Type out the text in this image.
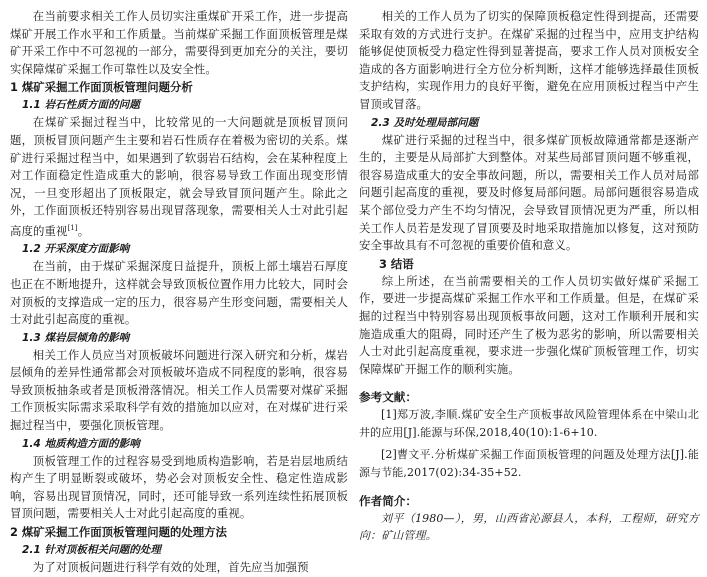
在当前要求相关工作人员切实注重煤矿开采工作，进一步提高煤矿开展工作水平和工作质量。当前煤矿采掘工作面顶板管理是煤矿开采工作中不可忽视的一部分，需要得到更加充分的关注，要切实保障煤矿采掘工作可靠性以及安全性。

1 煤矿采掘工作面顶板管理问题分析
1.1 岩石性质方面的问题

在煤矿采掘过程当中，比较常见的一大问题就是顶板冒顶问题，顶板冒顶问题产生主要和岩石性质存在着极为密切的关系。煤矿进行采掘过程当中，如果遇到了软弱岩石结构，会在某种程度上对工作面稳定性造成重大的影响，很容易导致工作面出现变形情况，一旦变形超出了顶板限定，就会导致冒顶问题产生。除此之外，工作面顶板还特别容易出现冒落现象，需要相关人士对此引起高度的重视[1]。

1.2 开采深度方面影响

在当前，由于煤矿采掘深度日益提升，顶板上部土壤岩石厚度也正在不断地提升，这样就会导致顶板位置作用力比较大，同时会对顶板的支撑造成一定的压力，很容易产生形变问题，需要相关人士对此引起高度的重视。

1.3 煤岩层倾角的影响

相关工作人员应当对顶板破坏问题进行深入研究和分析，煤岩层倾角的差异性通常都会对顶板破坏造成不同程度的影响，很容易导致顶板抽条或者是顶板滑落情况。相关工作人员需要对煤矿采掘工作顶板实际需求采取科学有效的措施加以应对，在对煤矿进行采掘过程当中，要强化顶板管理。

1.4 地质构造方面的影响

顶板管理工作的过程容易受到地质构造影响，若是岩层地质结构产生了明显断裂或破坏，势必会对顶板安全性、稳定性造成影响，容易出现冒顶情况，同时，还可能导致一系列连续性拓展顶板冒顶问题，需要相关人士对此引起高度的重视。

2 煤矿采掘工作面顶板管理问题的处理方法
2.1 针对顶板相关问题的处理

为了对顶板问题进行科学有效的处理，首先应当加强预

相关的工作人员为了切实的保障顶板稳定性得到提高，还需要采取有效的方式进行支护。在煤矿采掘的过程当中，应用支护结构能够促使顶板受力稳定性得到显著提高，要求工作人员对顶板安全造成的各方面影响进行全方位分析判断，这样才能够选择最佳顶板支护结构，实现作用力的良好平衡，避免在应用顶板过程当中产生冒顶或冒落。

2.3 及时处理局部问题

煤矿进行采掘的过程当中，很多煤矿顶板故障通常都是逐渐产生的，主要是从局部扩大到整体。对某些局部冒顶问题不够重视，很容易造成重大的安全事故问题，所以，需要相关工作人员对局部问题引起高度的重视，要及时修复局部问题。局部问题很容易造成某个部位受力产生不均匀情况，会导致冒顶情况更为严重，所以相关工作人员若是发现了冒顶要及时地采取措施加以修复，这对预防安全事故具有不可忽视的重要价值和意义。

3 结语

综上所述，在当前需要相关的工作人员切实做好煤矿采掘工作，要进一步提高煤矿采掘工作水平和工作质量。但是，在煤矿采掘的过程当中特别容易出现顶板事故问题，这对工作顺利开展和实施造成重大的阻碍，同时还产生了极为恶劣的影响，所以需要相关人士对此引起高度重视，要求进一步强化煤矿顶板管理工作，切实保障煤矿开掘工作的顺利实施。

参考文献：

[1]郑万波,李顺.煤矿安全生产顶板事故风险管理体系在中梁山北井的应用[J].能源与环保,2018,40(10):1-6+10.

[2]曹文平.分析煤矿采掘工作面顶板管理的问题及处理方法[J].能源与节能,2017(02):34-35+52.

作者简介：

刘平（1980—），男，山西省沁源县人，本科，工程师，研究方向：矿山管理。
